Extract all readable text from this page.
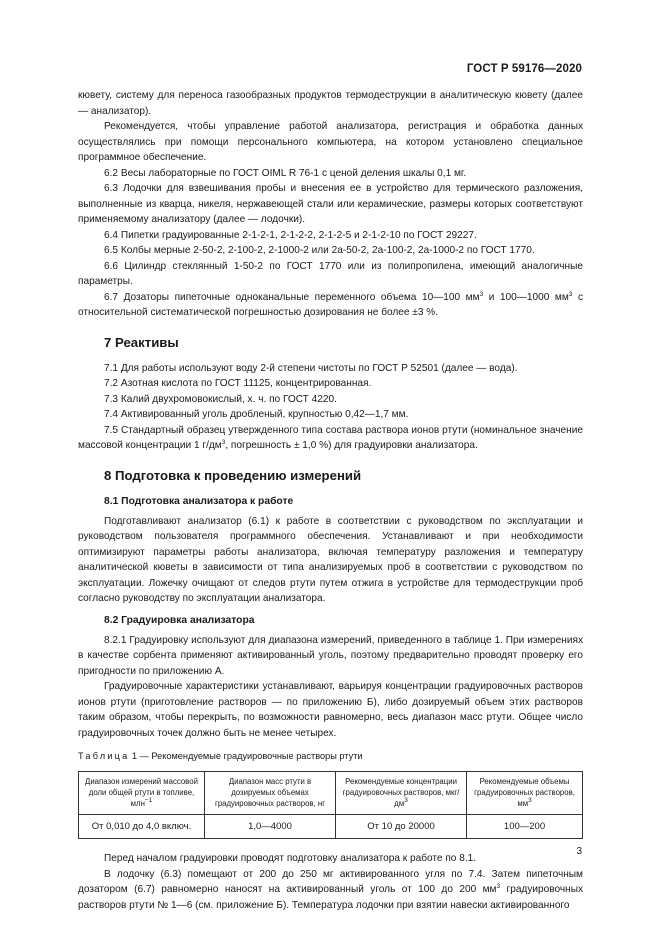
ГОСТ Р 59176—2020

кювету, систему для переноса газообразных продуктов термодеструкции в аналитическую кювету (далее — анализатор).

Рекомендуется, чтобы управление работой анализатора, регистрация и обработка данных осуществлялись при помощи персонального компьютера, на котором установлено специальное программное обеспечение.

6.2 Весы лабораторные по ГОСТ OIML R 76-1 с ценой деления шкалы 0,1 мг.

6.3 Лодочки для взвешивания пробы и внесения ее в устройство для термического разложения, выполненные из кварца, никеля, нержавеющей стали или керамические, размеры которых соответствуют применяемому анализатору (далее — лодочки).

6.4 Пипетки градуированные 2-1-2-1, 2-1-2-2, 2-1-2-5 и 2-1-2-10 по ГОСТ 29227.

6.5 Колбы мерные 2-50-2, 2-100-2, 2-1000-2 или 2а-50-2, 2а-100-2, 2а-1000-2 по ГОСТ 1770.

6.6 Цилиндр стеклянный 1-50-2 по ГОСТ 1770 или из полипропилена, имеющий аналогичные параметры.

6.7 Дозаторы пипеточные одноканальные переменного объема 10—100 $мм^3$ и 100—1000 $мм^3$ с относительной систематической погрешностью дозирования не более ±3 %.

7 Реактивы

7.1 Для работы используют воду 2-й степени чистоты по ГОСТ Р 52501 (далее — вода).

7.2 Азотная кислота по ГОСТ 11125, концентрированная.

7.3 Калий двухромовокислый, х. ч. по ГОСТ 4220.

7.4 Активированный уголь дробленый, крупностью 0,42—1,7 мм.

7.5 Стандартный образец утвержденного типа состава раствора ионов ртути (номинальное значение массовой концентрации 1 $г/дм^3$, погрешность ± 1,0 %) для градуировки анализатора.

8 Подготовка к проведению измерений
8.1 Подготовка анализатора к работе

Подготавливают анализатор (6.1) к работе в соответствии с руководством по эксплуатации и руководством пользователя программного обеспечения. Устанавливают и при необходимости оптимизируют параметры работы анализатора, включая температуру разложения и температуру аналитической кюветы в зависимости от типа анализируемых проб в соответствии с руководством по эксплуатации. Ложечку очищают от следов ртути путем отжига в устройстве для термодеструкции проб согласно руководству по эксплуатации анализатора.

8.2 Градуировка анализатора

8.2.1 Градуировку используют для диапазона измерений, приведенного в таблице 1. При измерениях в качестве сорбента применяют активированный уголь, поэтому предварительно проводят проверку его пригодности по приложению А.

Градуировочные характеристики устанавливают, варьируя концентрации градуировочных растворов ионов ртути (приготовление растворов — по приложению Б), либо дозируемый объем этих растворов таким образом, чтобы перекрыть, по возможности равномерно, весь диапазон масс ртути. Общее число градуировочных точек должно быть не менее четырех.

Таблица 1 — Рекомендуемые градуировочные растворы ртути
Диапазон измерений массовой доли общей ртути в топливе, млн$^{-1}$	Диапазон масс ртути в дозируемых объемах градуировочных растворов, нг	Рекомендуемые концентрации градуировочных растворов, мкг/$дм^3$	Рекомендуемые объемы градуировочных растворов, $мм^3$
От 0,010 до 4,0 включ.	1,0—4000	От 10 до 20000	100—200

Перед началом градуировки проводят подготовку анализатора к работе по 8.1.

В лодочку (6.3) помещают от 200 до 250 мг активированного угля по 7.4. Затем пипеточным дозатором (6.7) равномерно наносят на активированный уголь от 100 до 200 $мм^3$ градуировочных растворов ртути № 1—6 (см. приложение Б). Температура лодочки при взятии навески активированного

3
